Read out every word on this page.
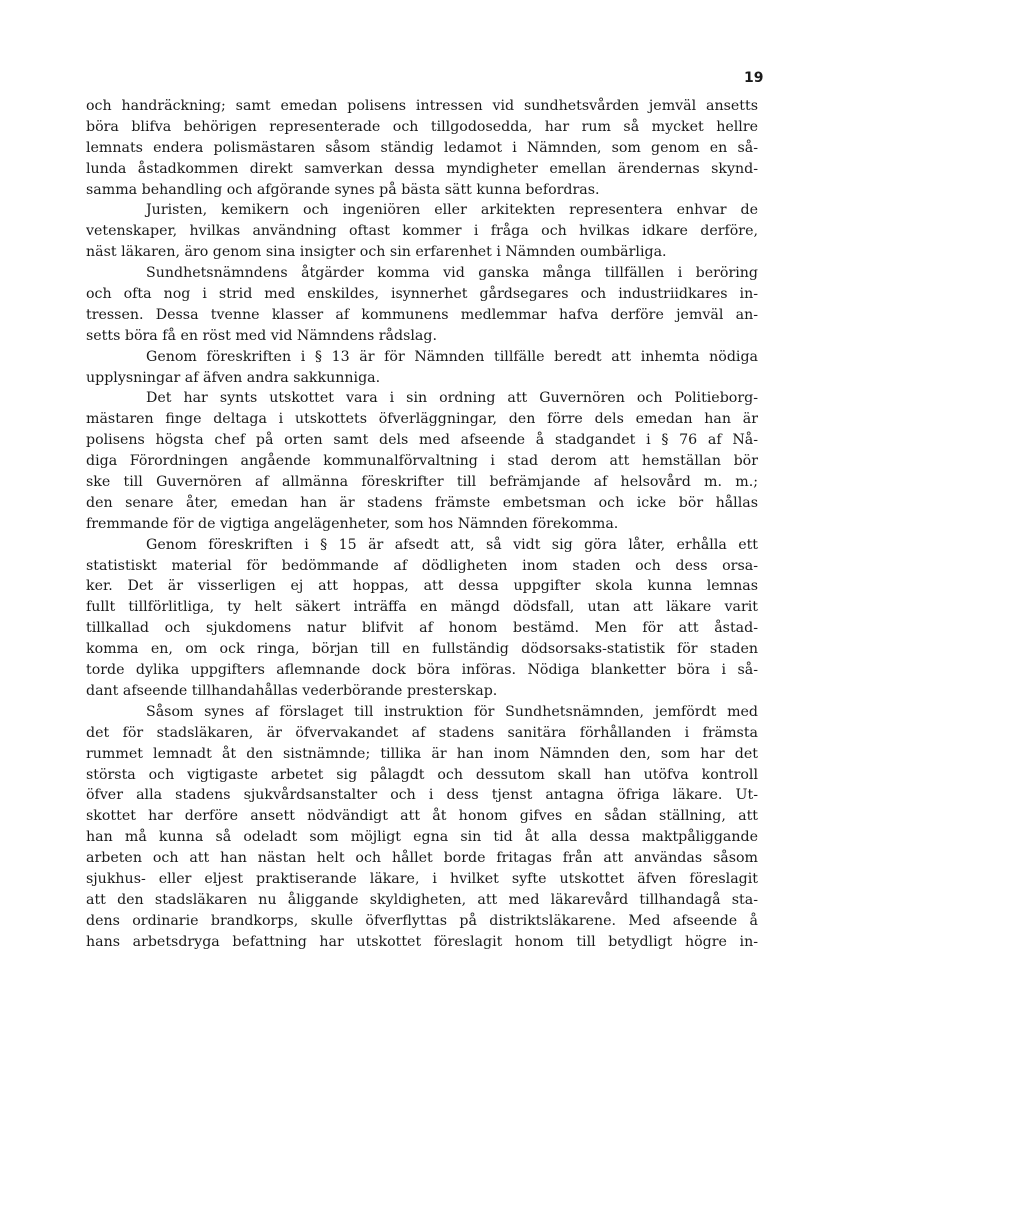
19
och handräckning; samt emedan polisens intressen vid sundhetsvården jemväl ansetts
böra blifva behörigen representerade och tillgodosedda, har rum så mycket hellre
lemnats endera polismästaren såsom ständig ledamot i Nämnden, som genom en så-
lunda åstadkommen direkt samverkan dessa myndigheter emellan ärendernas skynd-
samma behandling och afgörande synes på bästa sätt kunna befordras.
Juristen, kemikern och ingeniören eller arkitekten representera enhvar de
vetenskaper, hvilkas användning oftast kommer i fråga och hvilkas idkare derföre,
näst läkaren, äro genom sina insigter och sin erfarenhet i Nämnden oumbärliga.
Sundhetsnämndens åtgärder komma vid ganska många tillfällen i beröring
och ofta nog i strid med enskildes, isynnerhet gårdsegares och industriidkares in-
tressen. Dessa tvenne klasser af kommunens medlemmar hafva derföre jemväl an-
setts böra få en röst med vid Nämndens rådslag.
Genom föreskriften i § 13 är för Nämnden tillfälle beredt att inhemta nödiga
upplysningar af äfven andra sakkunniga.
Det har synts utskottet vara i sin ordning att Guvernören och Politieborg-
mästaren finge deltaga i utskottets öfverläggningar, den förre dels emedan han är
polisens högsta chef på orten samt dels med afseende å stadgandet i § 76 af Nå-
diga Förordningen angående kommunalförvaltning i stad derom att hemställan bör
ske till Guvernören af allmänna föreskrifter till befrämjande af helsovård m. m.;
den senare åter, emedan han är stadens främste embetsman och icke bör hållas
fremmande för de vigtiga angelägenheter, som hos Nämnden förekomma.
Genom föreskriften i § 15 är afsedt att, så vidt sig göra låter, erhålla ett
statistiskt material för bedömmande af dödligheten inom staden och dess orsa-
ker. Det är visserligen ej att hoppas, att dessa uppgifter skola kunna lemnas
fullt tillförlitliga, ty helt säkert inträffa en mängd dödsfall, utan att läkare varit
tillkallad och sjukdomens natur blifvit af honom bestämd. Men för att åstad-
komma en, om ock ringa, början till en fullständig dödsorsaks-statistik för staden
torde dylika uppgifters aflemnande dock böra införas. Nödiga blanketter böra i så-
dant afseende tillhandahållas vederbörande presterskap.
Såsom synes af förslaget till instruktion för Sundhetsnämnden, jemfördt med
det för stadsläkaren, är öfvervakandet af stadens sanitära förhållanden i främsta
rummet lemnadt åt den sistnämnde; tillika är han inom Nämnden den, som har det
största och vigtigaste arbetet sig pålagdt och dessutom skall han utöfva kontroll
öfver alla stadens sjukvårdsanstalter och i dess tjenst antagna öfriga läkare. Ut-
skottet har derföre ansett nödvändigt att åt honom gifves en sådan ställning, att
han må kunna så odeladt som möjligt egna sin tid åt alla dessa maktpåliggande
arbeten och att han nästan helt och hållet borde fritagas från att användas såsom
sjukhus- eller eljest praktiserande läkare, i hvilket syfte utskottet äfven föreslagit
att den stadsläkaren nu åliggande skyldigheten, att med läkarevård tillhandagå sta-
dens ordinarie brandkorps, skulle öfverflyttas på distriktsläkarene. Med afseende å
hans arbetsdryga befattning har utskottet föreslagit honom till betydligt högre in-
